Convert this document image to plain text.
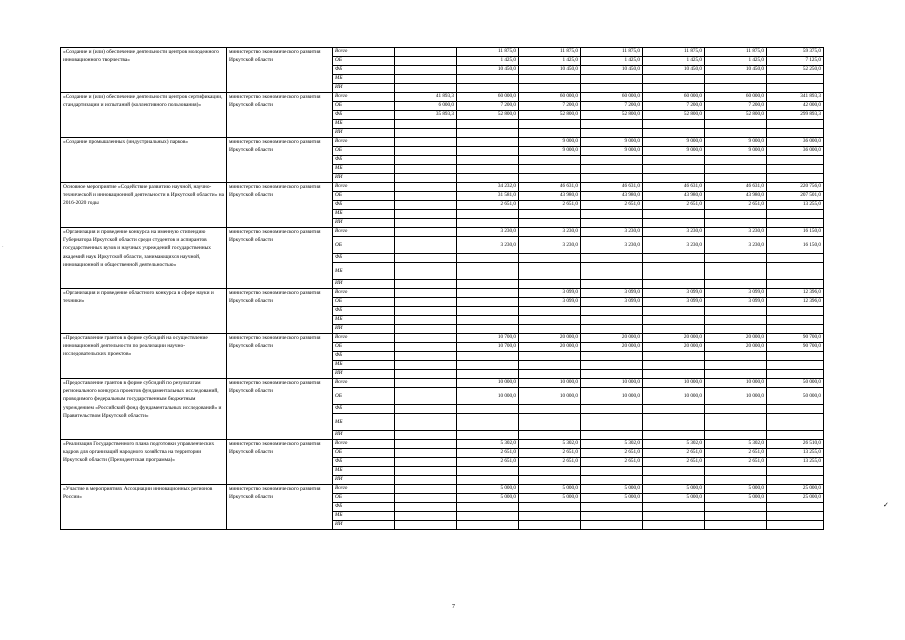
«Создание и (или) обеспечение деятельности центров молодежного инновационного творчества»	министерство экономического развития Иркутской области	Всего		11 875,0	11 875,0	11 875,0	11 875,0	11 875,0	59 375,0
		ОБ		1 425,0	1 425,0	1 425,0	1 425,0	1 425,0	7 125,0
		ФБ		10 450,0	10 450,0	10 450,0	10 450,0	10 450,0	52 250,0
		МБ							
		ИИ							
«Создание и (или) обеспечение деятельности центров сертификации, стандартизации и испытаний (коллективного пользования)»	министерство экономического развития Иркутской области	Всего	41 893,3	60 000,0	60 000,0	60 000,0	60 000,0	60 000,0	341 893,3
		ОБ	6 000,0	7 200,0	7 200,0	7 200,0	7 200,0	7 200,0	42 000,0
		ФБ	35 893,3	52 800,0	52 800,0	52 800,0	52 800,0	52 800,0	299 893,3
		МБ							
		ИИ							
«Создание промышленных (индустриальных) парков»	министерство экономического развития Иркутской области	Всего			9 000,0	9 000,0	9 000,0	9 000,0	36 000,0
		ОБ			9 000,0	9 000,0	9 000,0	9 000,0	36 000,0
		ФБ							
		МБ							
		ИИ							
Основное мероприятие «Содействие развитию научной, научно-технической и инновационной деятельности в Иркутской области» на 2016-2020 годы	министерство экономического развития Иркутской области	Всего		34 232,0	46 631,0	46 631,0	46 631,0	46 631,0	220 756,0
		ОБ		31 581,0	43 980,0	43 980,0	43 980,0	43 980,0	207 501,0
		ФБ		2 651,0	2 651,0	2 651,0	2 651,0	2 651,0	13 255,0
		МБ							
		ИИ							
«Организация и проведение конкурса на именную стипендию Губернатора Иркутской области среди студентов и аспирантов государственных вузов и научных учреждений государственных академий наук Иркутской области, занимающихся научной, инновационной и общественной деятельностью»	министерство экономического развития Иркутской области	Всего		3 230,0	3 230,0	3 230,0	3 230,0	3 230,0	16 150,0
		ОБ		3 230,0	3 230,0	3 230,0	3 230,0	3 230,0	16 150,0
		ФБ							
		МБ							
		ИИ							
«Организация и проведение областного конкурса в сфере науки и техники»	министерство экономического развития Иркутской области	Всего			3 099,0	3 099,0	3 099,0	3 099,0	12 396,0
		ОБ			3 099,0	3 099,0	3 099,0	3 099,0	12 396,0
		ФБ							
		МБ							
		ИИ							
«Предоставление грантов в форме субсидий на осуществление инновационной деятельности по реализации научно-исследовательских проектов»	министерство экономического развития Иркутской области	Всего		10 700,0	20 000,0	20 000,0	20 000,0	20 000,0	90 700,0
		ОБ		10 700,0	20 000,0	20 000,0	20 000,0	20 000,0	90 700,0
		ФБ							
		МБ							
		ИИ							
«Предоставление грантов в форме субсидий по результатам регионального конкурса проектов фундаментальных исследований, проводимого федеральным государственным бюджетным учреждением «Российский фонд фундаментальных исследований» и Правительством Иркутской области»	министерство экономического развития Иркутской области	Всего		10 000,0	10 000,0	10 000,0	10 000,0	10 000,0	50 000,0
		ОБ		10 000,0	10 000,0	10 000,0	10 000,0	10 000,0	50 000,0
		ФБ							
		МБ							
		ИИ							
«Реализация Государственного плана подготовки управленческих кадров для организаций народного хозяйства на территории Иркутской области (Президентская программа)»	министерство экономического развития Иркутской области	Всего		5 302,0	5 302,0	5 302,0	5 302,0	5 302,0	26 510,0
		ОБ		2 651,0	2 651,0	2 651,0	2 651,0	2 651,0	13 255,0
		ФБ		2 651,0	2 651,0	2 651,0	2 651,0	2 651,0	13 255,0
		МБ							
		ИИ							
«Участие в мероприятиях Ассоциации инновационных регионов России»	министерство экономического развития Иркутской области	Всего		5 000,0	5 000,0	5 000,0	5 000,0	5 000,0	25 000,0
		ОБ		5 000,0	5 000,0	5 000,0	5 000,0	5 000,0	25 000,0
		ФБ							
		МБ							
		ИИ							
7
✓
·
